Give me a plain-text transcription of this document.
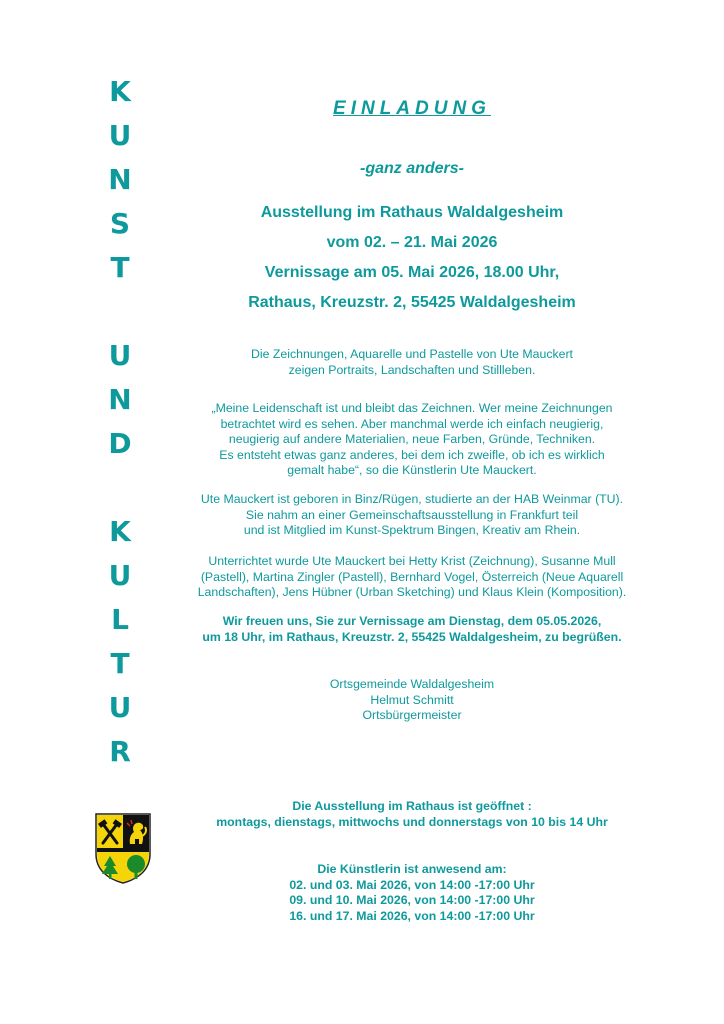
K
U
N
S
T
U
N
D
K
U
L
T
U
R
EINLADUNG
-ganz anders-
Ausstellung im Rathaus Waldalgesheim
vom 02. – 21. Mai 2026
Vernissage am 05. Mai 2026, 18.00 Uhr,
Rathaus, Kreuzstr. 2, 55425 Waldalgesheim
Die Zeichnungen, Aquarelle und Pastelle von Ute Mauckert
zeigen Portraits, Landschaften und Stillleben.
„Meine Leidenschaft ist und bleibt das Zeichnen. Wer meine Zeichnungen
betrachtet wird es sehen. Aber manchmal werde ich einfach neugierig,
neugierig auf andere Materialien, neue Farben, Gründe, Techniken.
Es entsteht etwas ganz anderes, bei dem ich zweifle, ob ich es wirklich
gemalt habe“, so die Künstlerin Ute Mauckert.
Ute Mauckert ist geboren in Binz/Rügen, studierte an der HAB Weinmar (TU).
Sie nahm an einer Gemeinschaftsausstellung in Frankfurt teil
und ist Mitglied im Kunst-Spektrum Bingen, Kreativ am Rhein.
Unterrichtet wurde Ute Mauckert bei Hetty Krist (Zeichnung), Susanne Mull
(Pastell), Martina Zingler (Pastell), Bernhard Vogel, Österreich (Neue Aquarell
Landschaften), Jens Hübner (Urban Sketching) und Klaus Klein (Komposition).
Wir freuen uns, Sie zur Vernissage am Dienstag, dem 05.05.2026,
um 18 Uhr, im Rathaus, Kreuzstr. 2, 55425 Waldalgesheim, zu begrüßen.
Ortsgemeinde Waldalgesheim
Helmut Schmitt
Ortsbürgermeister
Die Ausstellung im Rathaus ist geöffnet :
montags, dienstags, mittwochs und donnerstags von 10 bis 14 Uhr
Die Künstlerin ist anwesend am:
02. und 03. Mai 2026, von 14:00 -17:00 Uhr
09. und 10. Mai 2026, von 14:00 -17:00 Uhr
16. und 17. Mai 2026, von 14:00 -17:00 Uhr
